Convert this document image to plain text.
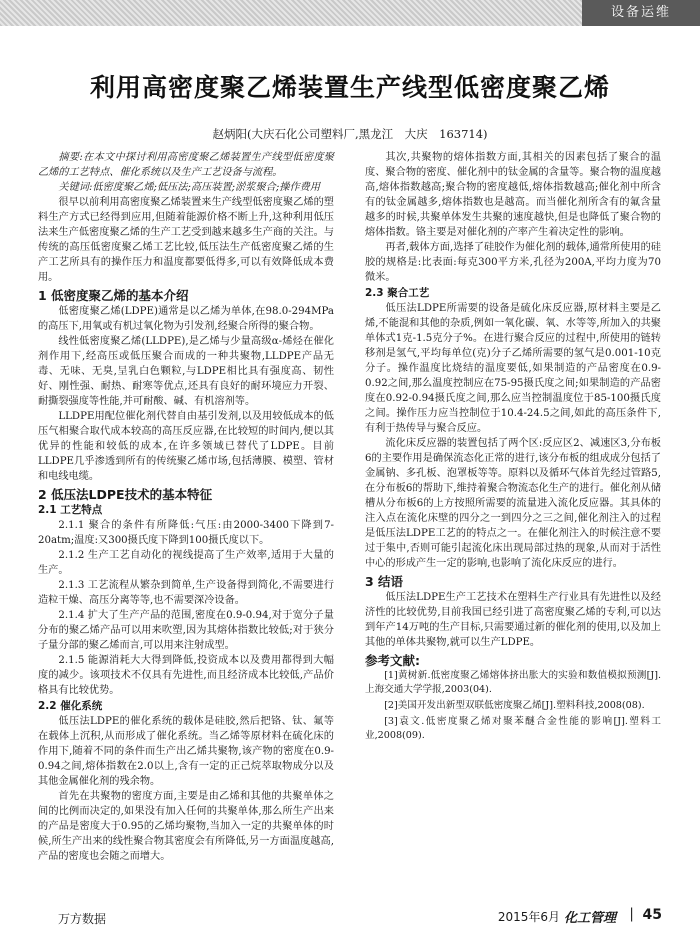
设备运维
利用高密度聚乙烯装置生产线型低密度聚乙烯
赵炳阳(大庆石化公司塑料厂,黑龙江　大庆　163714)

摘要:在本文中探讨利用高密度聚乙烯装置生产线型低密度聚乙烯的工艺特点、催化系统以及生产工艺设备与流程。

关键词:低密度聚乙烯;低压法;高压装置;淤浆聚合;操作费用

很早以前利用高密度聚乙烯装置来生产线型低密度聚乙烯的塑料生产方式已经得到应用,但随着能源价格不断上升,这种利用低压法来生产低密度聚乙烯的生产工艺受到越来越多生产商的关注。与传统的高压低密度聚乙烯工艺比较,低压法生产低密度聚乙烯的生产工艺所具有的操作压力和温度都要低得多,可以有效降低成本费用。

1 低密度聚乙烯的基本介绍

低密度聚乙烯(LDPE)通常是以乙烯为单体,在98.0-294MPa的高压下,用氧或有机过氧化物为引发剂,经聚合所得的聚合物。

线性低密度聚乙烯(LLDPE),是乙烯与少量高级α-烯烃在催化剂作用下,经高压或低压聚合而成的一种共聚物,LLDPE产品无毒、无味、无臭,呈乳白色颗粒,与LDPE相比具有强度高、韧性好、刚性强、耐热、耐寒等优点,还具有良好的耐环境应力开裂、耐撕裂强度等性能,并可耐酸、碱、有机溶剂等。

LLDPE用配位催化剂代替自由基引发剂,以及用较低成本的低压气相聚合取代成本较高的高压反应器,在比较短的时间内,便以其优异的性能和较低的成本,在许多领域已替代了LDPE。目前LLDPE几乎渗透到所有的传统聚乙烯市场,包括薄膜、模塑、管材和电线电缆。

2 低压法LDPE技术的基本特征
2.1 工艺特点

2.1.1 聚合的条件有所降低:气压:由2000-3400下降到7-20atm;温度:又300摄氏度下降到100摄氏度以下。

2.1.2 生产工艺自动化的视线提高了生产效率,适用于大量的生产。

2.1.3 工艺流程从繁杂到简单,生产设备得到简化,不需要进行造粒干燥、高压分离等等,也不需要深冷设备。

2.1.4 扩大了生产产品的范围,密度在0.9-0.94,对于宽分子量分布的聚乙烯产品可以用来吹塑,因为其熔体指数比较低;对于狭分子量分部的聚乙烯而言,可以用来注射成型。

2.1.5 能源消耗大大得到降低,投资成本以及费用都得到大幅度的减少。该项技术不仅具有先进性,而且经济成本比较低,产品价格具有比较优势。

2.2 催化系统

低压法LDPE的催化系统的载体是硅胶,然后把铬、钛、氟等在载体上沉积,从而形成了催化系统。当乙烯等原材料在硫化床的作用下,随着不同的条件而生产出乙烯共聚物,该产物的密度在0.9-0.94之间,熔体指数在2.0以上,含有一定的正己烷萃取物成分以及其他金属催化剂的残余物。

首先在共聚物的密度方面,主要是由乙烯和其他的共聚单体之间的比例而决定的,如果没有加入任何的共聚单体,那么所生产出来的产品是密度大于0.95的乙烯均聚物,当加入一定的共聚单体的时候,所生产出来的线性聚合物其密度会有所降低,另一方面温度越高,产品的密度也会随之而增大。

其次,共聚物的熔体指数方面,其相关的因素包括了聚合的温度、聚合物的密度、催化剂中的钛金属的含量等。聚合物的温度越高,熔体指数越高;聚合物的密度越低,熔体指数越高;催化剂中所含有的钛金属越多,熔体指数也是越高。而当催化剂所含有的氟含量越多的时候,共聚单体发生共聚的速度越快,但是也降低了聚合物的熔体指数。铬主要是对催化剂的产率产生着决定性的影响。

再者,载体方面,选择了硅胶作为催化剂的载体,通常所使用的硅胶的规格是:比表面:每克300平方米,孔径为200A,平均力度为70微米。

2.3 聚合工艺

低压法LDPE所需要的设备是硫化床反应器,原材料主要是乙烯,不能混和其他的杂质,例如一氧化碳、氧、水等等,所加入的共聚单体式1克-1.5克分子%。在进行聚合反应的过程中,所使用的链转移剂是氢气,平均每单位(克)分子乙烯所需要的氢气是0.001-10克分子。操作温度比烧结的温度要低,如果制造的产品密度在0.9-0.92之间,那么温度控制应在75-95摄氏度之间;如果制造的产品密度在0.92-0.94摄氏度之间,那么应当控制温度位于85-100摄氏度之间。操作压力应当控制位于10.4-24.5之间,如此的高压条件下,有利于热传导与聚合反应。

流化床反应器的装置包括了两个区:反应区2、减速区3,分布板6的主要作用是确保流态化正常的进行,该分布板的组成成分包括了金属钠、多孔板、泡罩板等等。原料以及循环气体首先经过管路5,在分布板6的帮助下,维持着聚合物流态化生产的进行。催化剂从储槽从分布板6的上方按照所需要的流量进入流化反应器。其具体的注入点在流化床壁的四分之一到四分之三之间,催化剂注入的过程是低压法LDPE工艺的的特点之一。在催化剂注入的时候注意不要过于集中,否则可能引起流化床出现局部过热的现象,从而对于活性中心的形成产生一定的影响,也影响了流化床反应的进行。

3 结语

低压法LDPE生产工艺技术在塑料生产行业具有先进性以及经济性的比较优势,目前我国已经引进了高密度聚乙烯的专利,可以达到年产14万吨的生产目标,只需要通过新的催化剂的使用,以及加上其他的单体共聚物,就可以生产LDPE。

参考文献:
[1]黄树新.低密度聚乙烯熔体挤出胀大的实验和数值模拟预测[J].上海交通大学学报,2003(04).
[2]美国开发出新型双联低密度聚乙烯[J].塑料科技,2008(08).
[3]袁文.低密度聚乙烯对聚苯醚合金性能的影响[J].塑料工业,2008(09).
万方数据	2015年6月 化工管理 | 45
